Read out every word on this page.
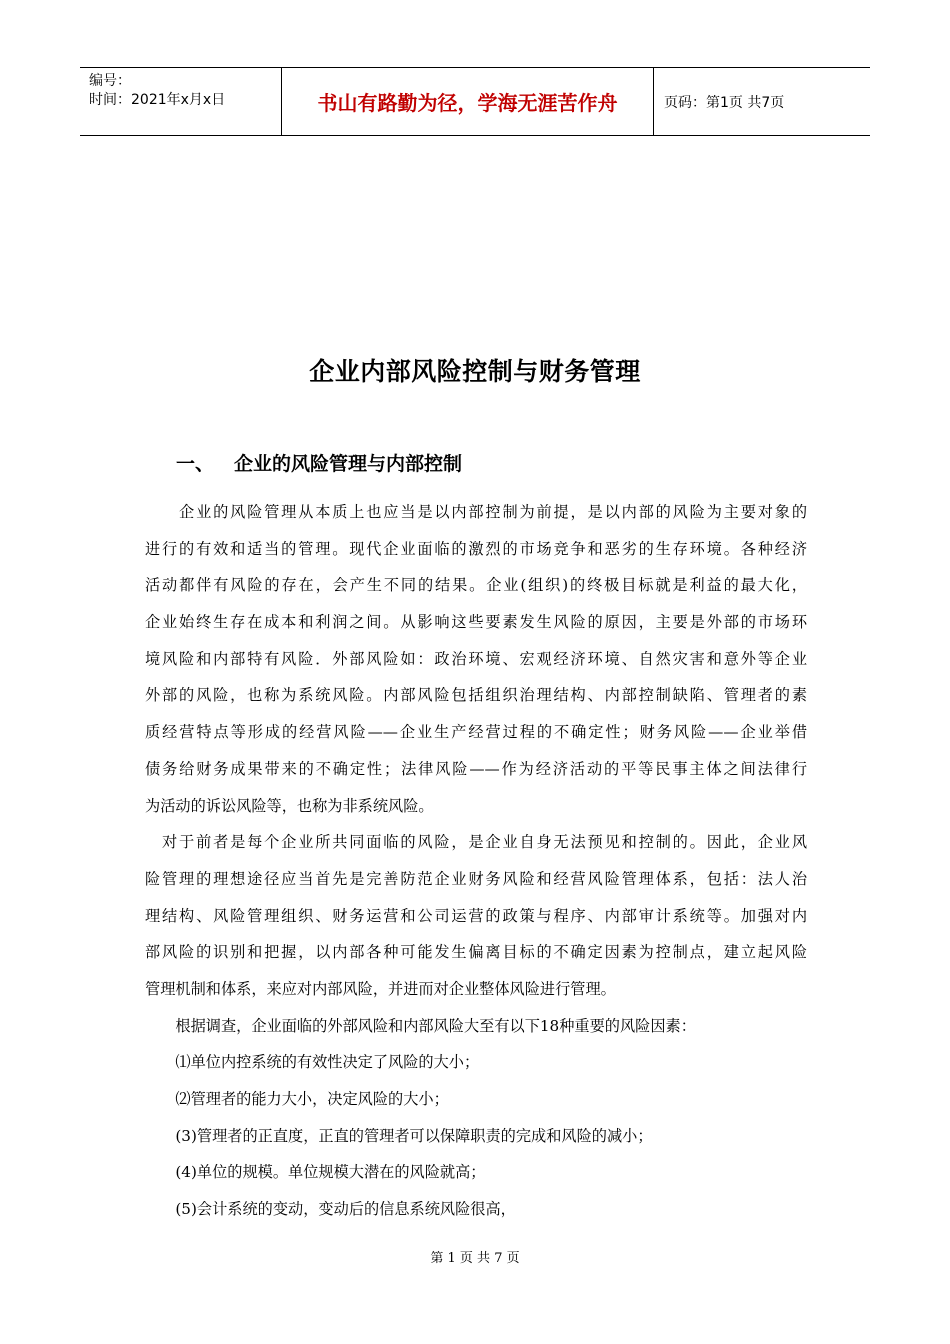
编号：
时间：2021年x月x日	书山有路勤为径，学海无涯苦作舟	页码：第1页 共7页
企业内部风险控制与财务管理
一、 企业的风险管理与内部控制
　　企业的风险管理从本质上也应当是以内部控制为前提，是以内部的风险为主要对象的
进行的有效和适当的管理。现代企业面临的激烈的市场竞争和恶劣的生存环境。各种经济
活动都伴有风险的存在，会产生不同的结果。企业(组织)的终极目标就是利益的最大化，
企业始终生存在成本和利润之间。从影响这些要素发生风险的原因，主要是外部的市场环
境风险和内部特有风险．外部风险如：政治环境、宏观经济环境、自然灾害和意外等企业
外部的风险，也称为系统风险。内部风险包括组织治理结构、内部控制缺陷、管理者的素
质经营特点等形成的经营风险——企业生产经营过程的不确定性；财务风险——企业举借
债务给财务成果带来的不确定性；法律风险——作为经济活动的平等民事主体之间法律行
为活动的诉讼风险等，也称为非系统风险。
　对于前者是每个企业所共同面临的风险，是企业自身无法预见和控制的。因此，企业风
险管理的理想途径应当首先是完善防范企业财务风险和经营风险管理体系，包括：法人治
理结构、风险管理组织、财务运营和公司运营的政策与程序、内部审计系统等。加强对内
部风险的识别和把握，以内部各种可能发生偏离目标的不确定因素为控制点，建立起风险
管理机制和体系，来应对内部风险，并进而对企业整体风险进行管理。
　　根据调查，企业面临的外部风险和内部风险大至有以下18种重要的风险因素：
　　⑴单位内控系统的有效性决定了风险的大小；
　　⑵管理者的能力大小，决定风险的大小；
　　(3)管理者的正直度，正直的管理者可以保障职责的完成和风险的减小；
　　(4)单位的规模。单位规模大潜在的风险就高；
　　(5)会计系统的变动，变动后的信息系统风险很高，
第 1 页 共 7 页
